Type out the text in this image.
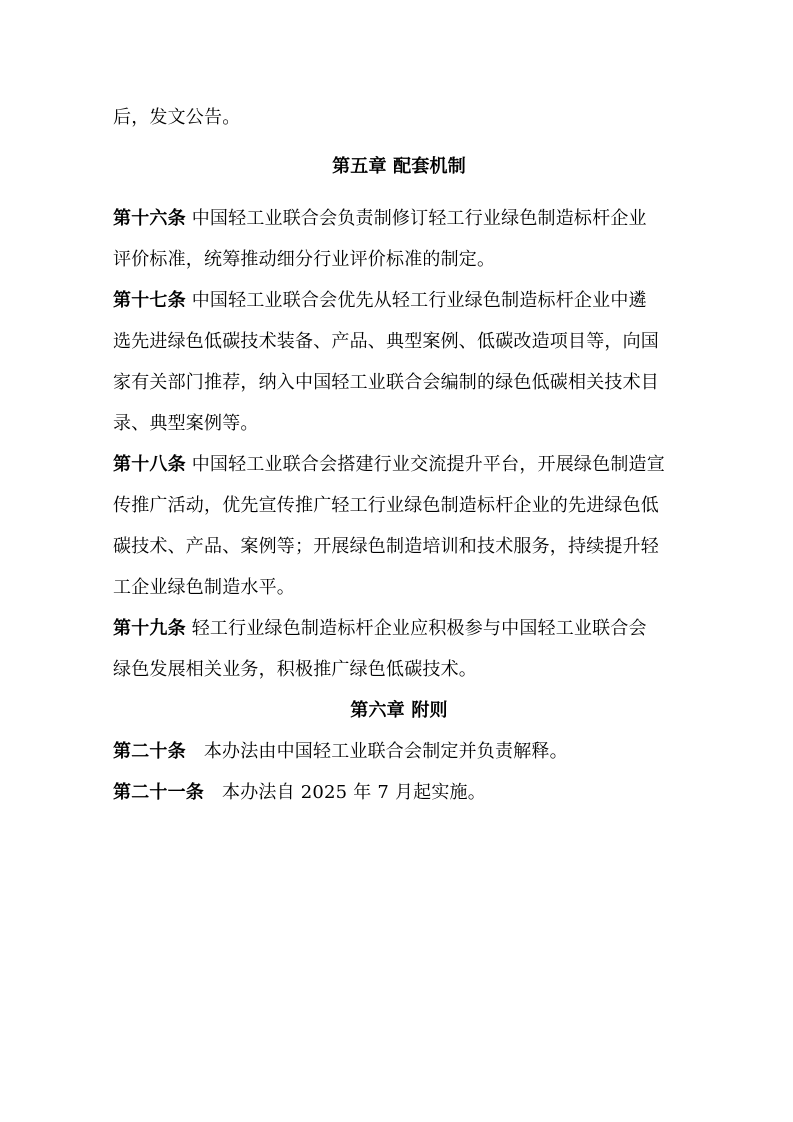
后，发文公告。
第五章 配套机制
第十六条 中国轻工业联合会负责制修订轻工行业绿色制造标杆企业
评价标准，统筹推动细分行业评价标准的制定。
第十七条 中国轻工业联合会优先从轻工行业绿色制造标杆企业中遴
选先进绿色低碳技术装备、产品、典型案例、低碳改造项目等，向国
家有关部门推荐，纳入中国轻工业联合会编制的绿色低碳相关技术目
录、典型案例等。
第十八条 中国轻工业联合会搭建行业交流提升平台，开展绿色制造宣
传推广活动，优先宣传推广轻工行业绿色制造标杆企业的先进绿色低
碳技术、产品、案例等；开展绿色制造培训和技术服务，持续提升轻
工企业绿色制造水平。
第十九条 轻工行业绿色制造标杆企业应积极参与中国轻工业联合会
绿色发展相关业务，积极推广绿色低碳技术。
第六章 附则
第二十条 本办法由中国轻工业联合会制定并负责解释。
第二十一条 本办法自 2025 年 7 月起实施。
